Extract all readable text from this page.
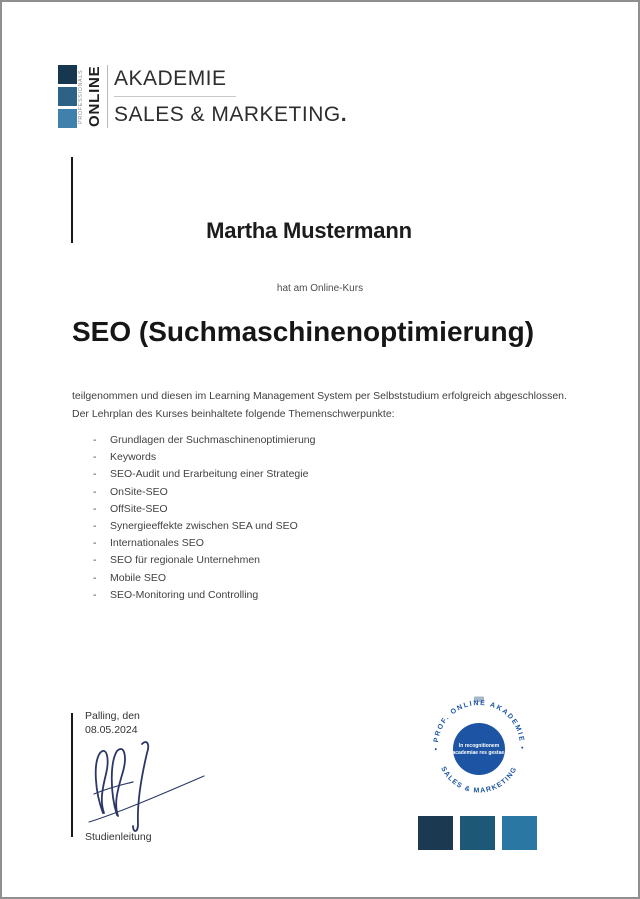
PROFESSIONALS ONLINE AKADEMIE
SALES & MARKETING.
Martha Mustermann
hat am Online-Kurs
SEO (Suchmaschinenoptimierung)
teilgenommen und diesen im Learning Management System per Selbststudium erfolgreich abgeschlossen.
Der Lehrplan des Kurses beinhaltete folgende Themenschwerpunkte:
-	Grundlagen der Suchmaschinenoptimierung
-	Keywords
-	SEO-Audit und Erarbeitung einer Strategie
-	OnSite-SEO
-	OffSite-SEO
-	Synergieeffekte zwischen SEA und SEO
-	Internationales SEO
-	SEO für regionale Unternehmen
-	Mobile SEO
-	SEO-Monitoring und Controlling
Palling, den
08.05.2024
Studienleitung
• PROF. ONLINE AKADEMIE •
SALES & MARKETING
In recognitionem
academiae res gestae.
